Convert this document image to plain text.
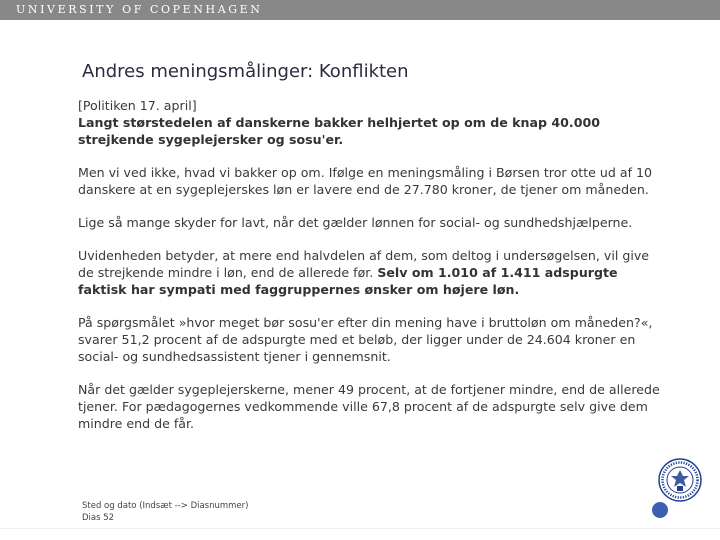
UNIVERSITY OF COPENHAGEN
Andres meningsmålinger: Konflikten

[Politiken 17. april]

Langt størstedelen af danskerne bakker helhjertet op om de knap 40.000 strejkende sygeplejersker og sosu'er.

Men vi ved ikke, hvad vi bakker op om. Ifølge en meningsmåling i Børsen tror otte ud af 10 danskere at en sygeplejerskes løn er lavere end de 27.780 kroner, de tjener om måneden.

Lige så mange skyder for lavt, når det gælder lønnen for social- og sundhedshjælperne.

Uvidenheden betyder, at mere end halvdelen af dem, som deltog i undersøgelsen, vil give de strejkende mindre i løn, end de allerede før. Selv om 1.010 af 1.411 adspurgte faktisk har sympati med faggruppernes ønsker om højere løn.

På spørgsmålet »hvor meget bør sosu'er efter din mening have i bruttoløn om måneden?«, svarer 51,2 procent af de adspurgte med et beløb, der ligger under de 24.604 kroner en social- og sundhedsassistent tjener i gennemsnit.

Når det gælder sygeplejerskerne, mener 49 procent, at de fortjener mindre, end de allerede tjener. For pædagogernes vedkommende ville 67,8 procent af de adspurgte selv give dem mindre end de får.

Sted og dato (Indsæt --> Diasnummer)
Dias 52
